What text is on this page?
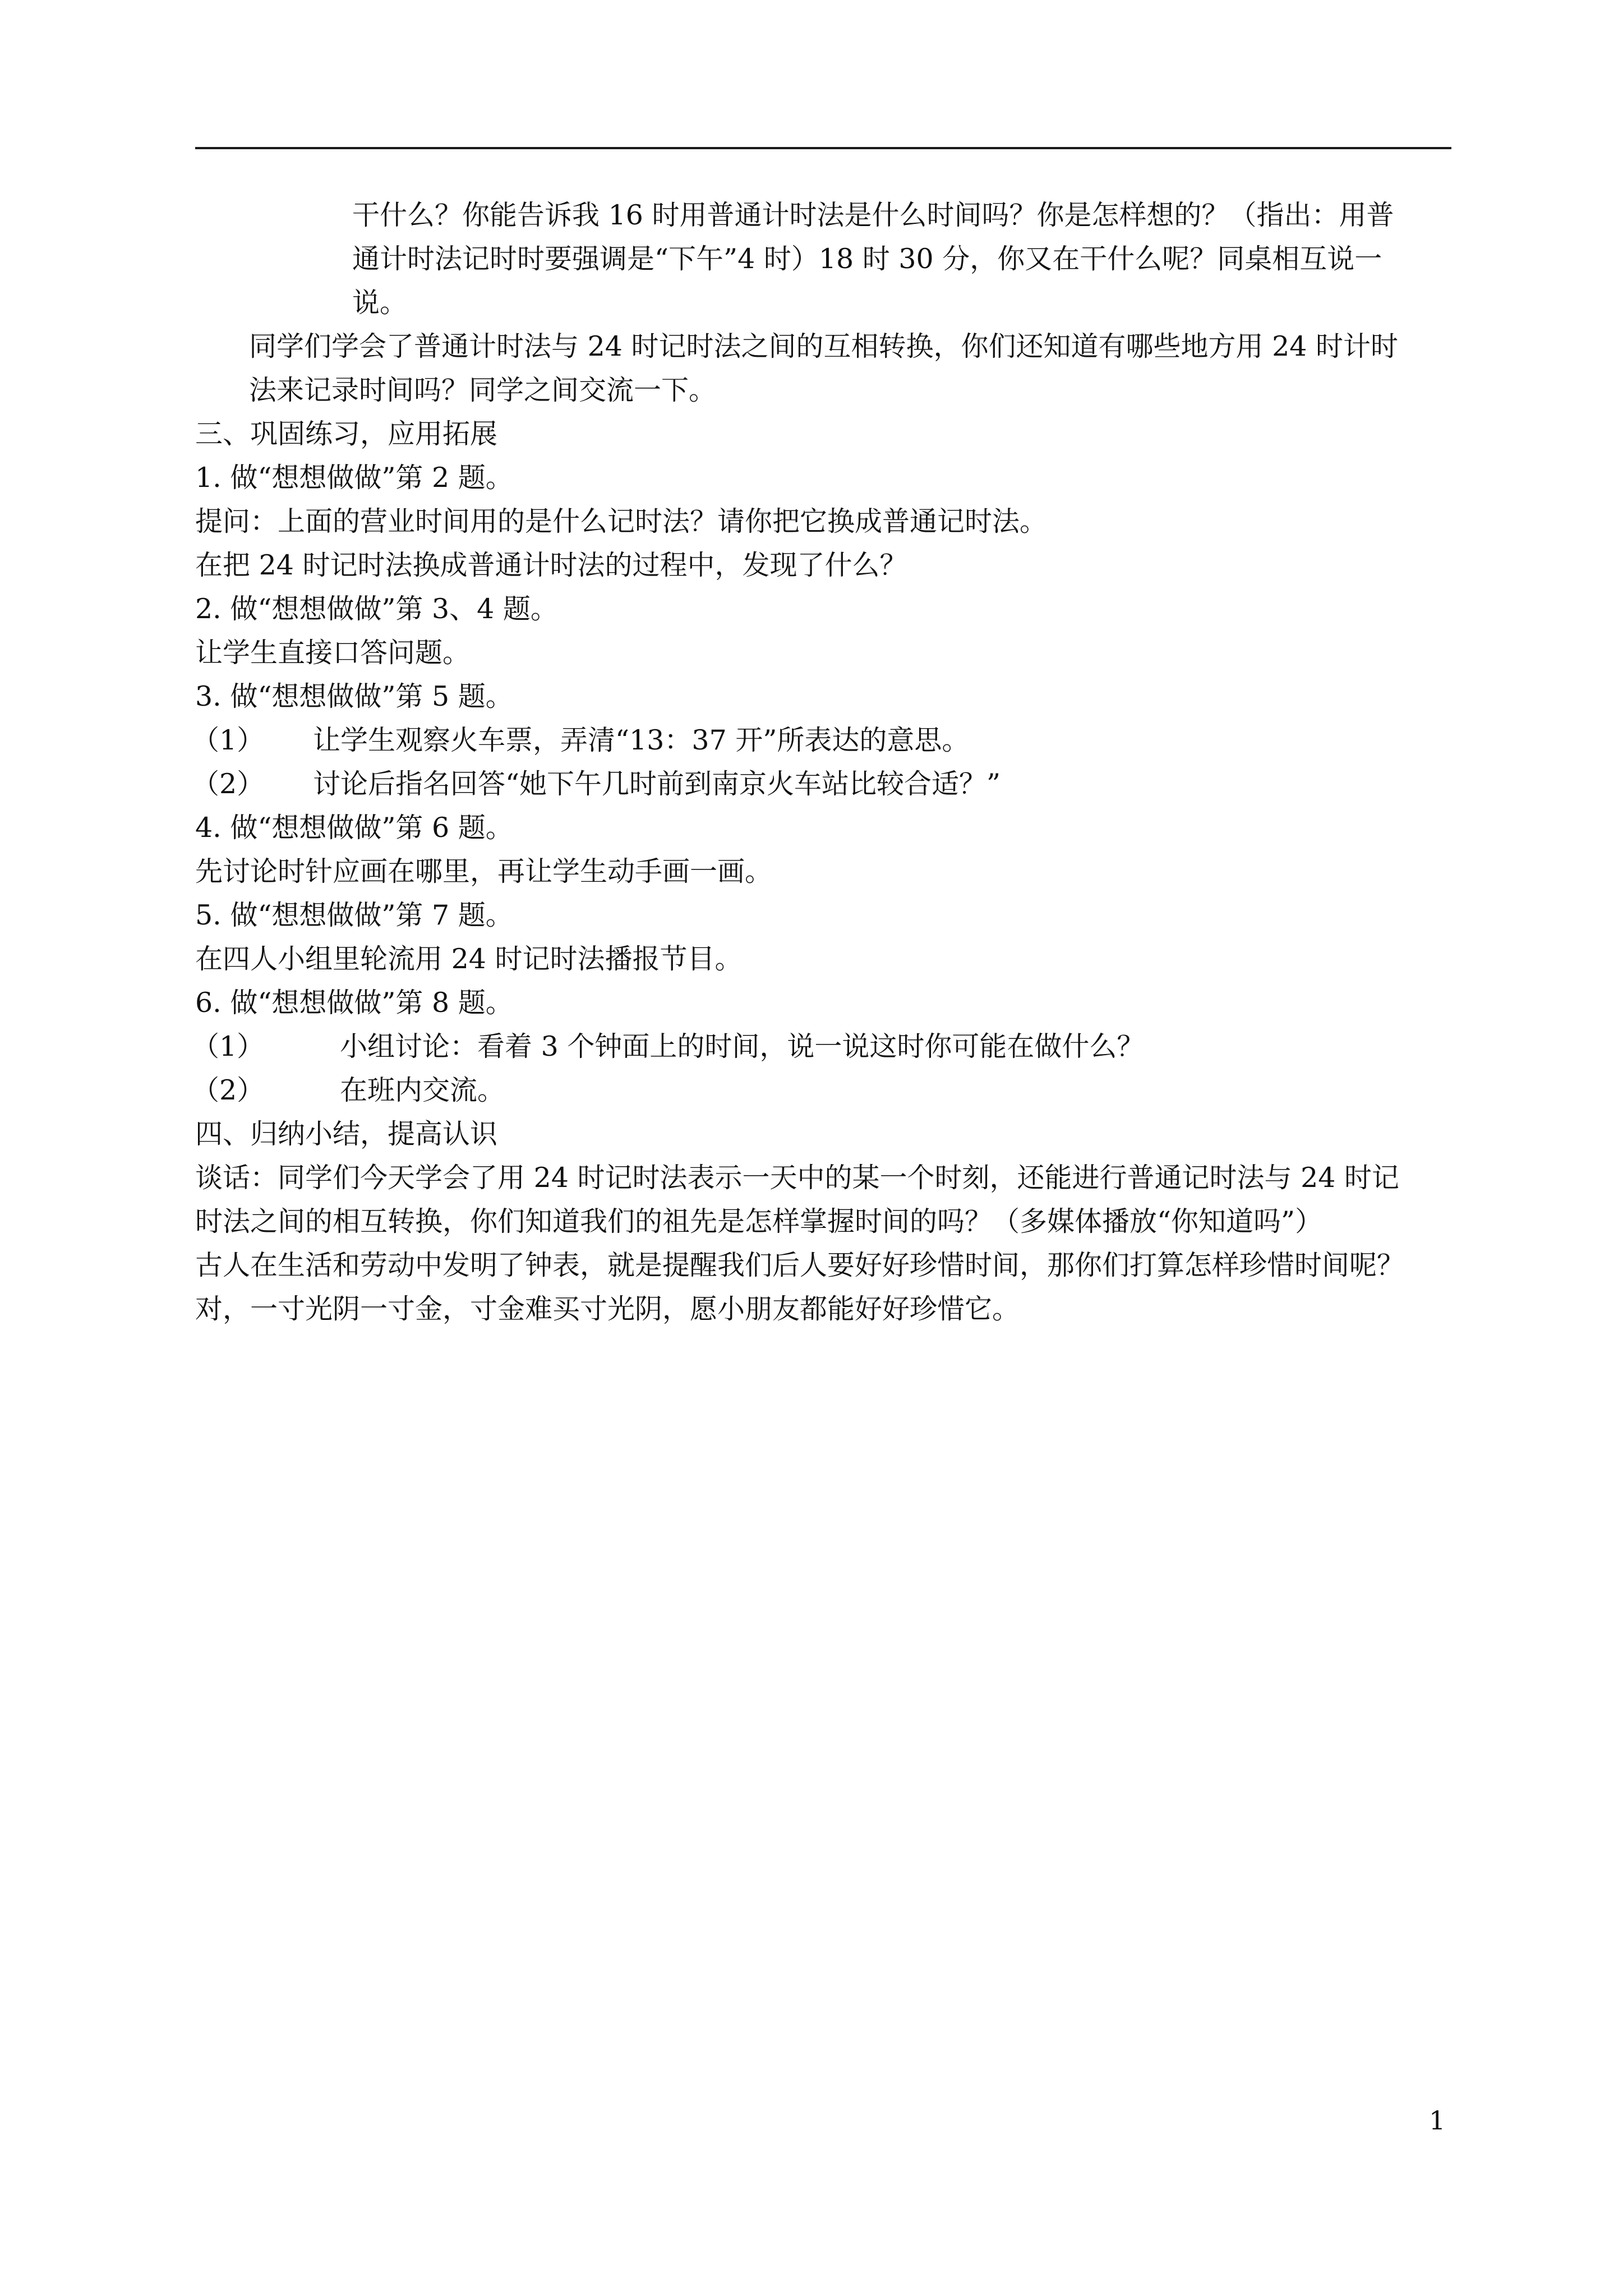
干什么？你能告诉我 16 时用普通计时法是什么时间吗？你是怎样想的？（指出：用普
通计时法记时时要强调是“下午”4 时）18 时 30 分，你又在干什么呢？同桌相互说一
说。
同学们学会了普通计时法与 24 时记时法之间的互相转换，你们还知道有哪些地方用 24 时计时
法来记录时间吗？同学之间交流一下。
三、巩固练习，应用拓展
1. 做“想想做做”第 2 题。
提问：上面的营业时间用的是什么记时法？请你把它换成普通记时法。
在把 24 时记时法换成普通计时法的过程中，发现了什么？
2. 做“想想做做”第 3、4 题。
让学生直接口答问题。
3. 做“想想做做”第 5 题。
（1） 让学生观察火车票，弄清“13：37 开”所表达的意思。
（2） 讨论后指名回答“她下午几时前到南京火车站比较合适？”
4. 做“想想做做”第 6 题。
先讨论时针应画在哪里，再让学生动手画一画。
5. 做“想想做做”第 7 题。
在四人小组里轮流用 24 时记时法播报节目。
6. 做“想想做做”第 8 题。
（1）	小组讨论：看着 3 个钟面上的时间，说一说这时你可能在做什么？
（2）	在班内交流。
四、归纳小结，提高认识
谈话：同学们今天学会了用 24 时记时法表示一天中的某一个时刻，还能进行普通记时法与 24 时记
时法之间的相互转换，你们知道我们的祖先是怎样掌握时间的吗？（多媒体播放“你知道吗”）
古人在生活和劳动中发明了钟表，就是提醒我们后人要好好珍惜时间，那你们打算怎样珍惜时间呢？
对，一寸光阴一寸金，寸金难买寸光阴，愿小朋友都能好好珍惜它。
1
